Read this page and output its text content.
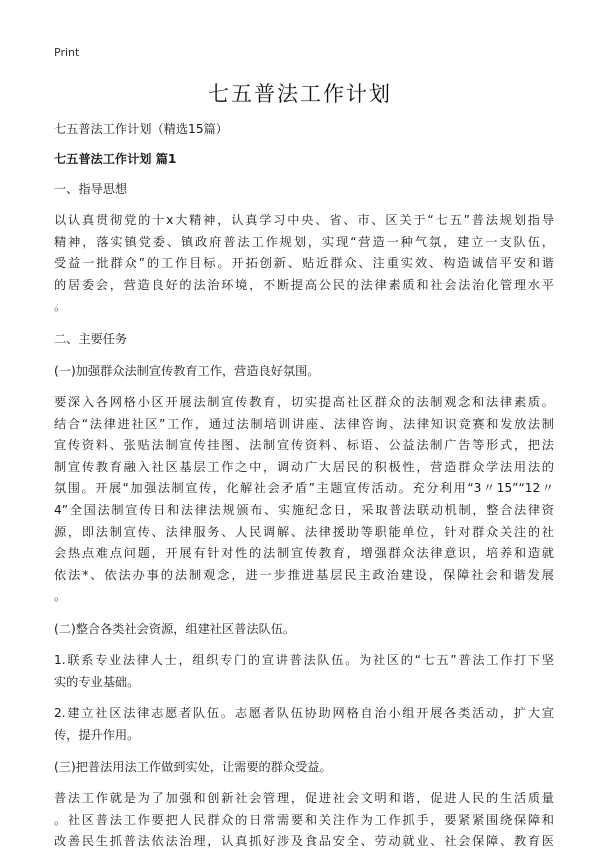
Print
七五普法工作计划

七五普法工作计划（精选15篇）

七五普法工作计划 篇1

一、指导思想

以认真贯彻党的十x大精神，认真学习中央、省、市、区关于“七五”普法规划指导
精神，落实镇党委、镇政府普法工作规划，实现“营造一种气氛，建立一支队伍，
受益一批群众”的工作目标。开拓创新、贴近群众、注重实效、构造诚信平安和谐
的居委会，营造良好的法治环境，不断提高公民的法律素质和社会法治化管理水平
。

二、主要任务

(一)加强群众法制宣传教育工作，营造良好氛围。

要深入各网格小区开展法制宣传教育，切实提高社区群众的法制观念和法律素质。
结合“法律进社区”工作，通过法制培训讲座、法律咨询、法律知识竞赛和发放法制
宣传资料、张贴法制宣传挂图、法制宣传资料、标语、公益法制广告等形式，把法
制宣传教育融入社区基层工作之中，调动广大居民的积极性，营造群众学法用法的
氛围。开展“加强法制宣传，化解社会矛盾”主题宣传活动。充分利用“3〃15”“12〃
4”全国法制宣传日和法律法规颁布、实施纪念日，采取普法联动机制，整合法律资
源，即法制宣传、法律服务、人民调解、法律援助等职能单位，针对群众关注的社
会热点难点问题，开展有针对性的法制宣传教育，增强群众法律意识，培养和造就
依法*、依法办事的法制观念，进一步推进基层民主政治建设，保障社会和谐发展
。

(二)整合各类社会资源，组建社区普法队伍。

1.联系专业法律人士，组织专门的宣讲普法队伍。为社区的“七五”普法工作打下坚
实的专业基础。

2.建立社区法律志愿者队伍。志愿者队伍协助网格自治小组开展各类活动，扩大宣
传，提升作用。

(三)把普法用法工作做到实处，让需要的群众受益。

普法工作就是为了加强和创新社会管理，促进社会文明和谐，促进人民的生活质量
。社区普法工作要把人民群众的日常需要和关注作为工作抓手，要紧紧围绕保障和
改善民生抓普法依法治理，认真抓好涉及食品安全、劳动就业、社会保障、教育医
